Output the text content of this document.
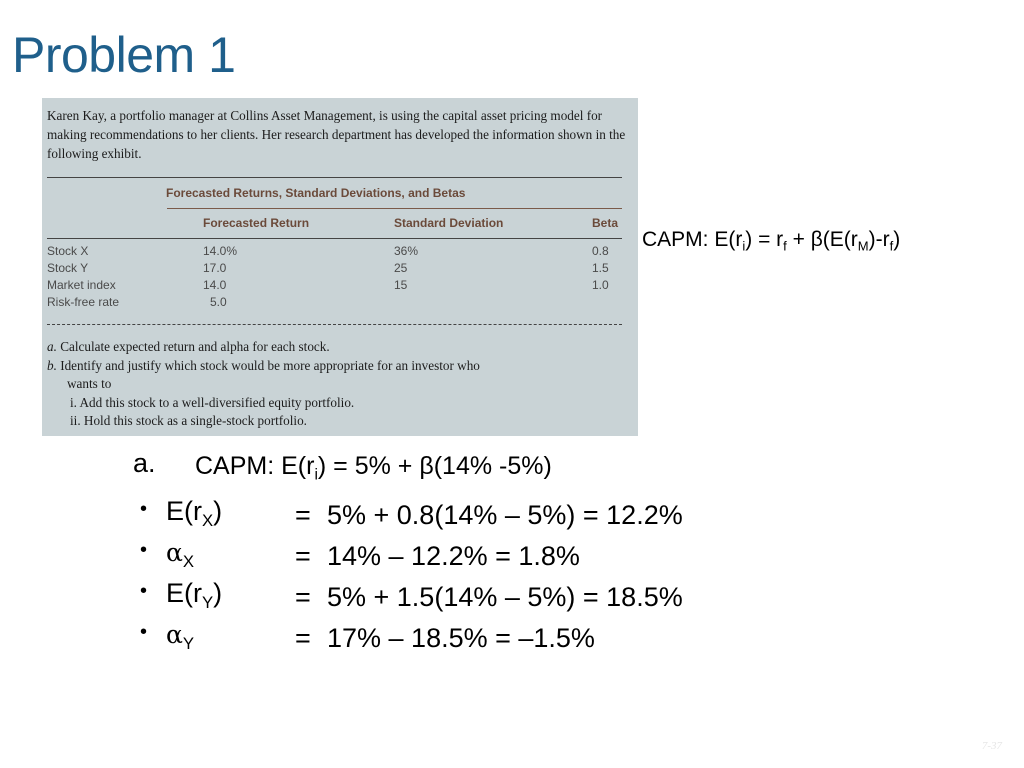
Problem 1
Karen Kay, a portfolio manager at Collins Asset Management, is using the capital asset pricing model for making recommendations to her clients. Her research department has developed the information shown in the following exhibit.
Forecasted Returns, Standard Deviations, and Betas
Forecasted Return	Standard Deviation	Beta
Stock X	14.0%	36%	0.8
Stock Y	17.0	25	1.5
Market index	14.0	15	1.0
Risk-free rate	5.0
a. Calculate expected return and alpha for each stock.
b. Identify and justify which stock would be more appropriate for an investor who
wants to
i. Add this stock to a well-diversified equity portfolio.
ii. Hold this stock as a single-stock portfolio.
CAPM: $E(r_i) = r_f + \beta(E(r_M)-r_f)$
a. CAPM: $E(r_i) = 5\% + \beta(14\%$ -5%)
• $E(r_X)$	= 5% + 0.8(14% – 5%) = 12.2%
• $\alpha_X$	= 14% – 12.2% = 1.8%
• $E(r_Y)$	= 5% + 1.5(14% – 5%) = 18.5%
• $\alpha_Y$	= 17% – 18.5% = –1.5%
7-37
